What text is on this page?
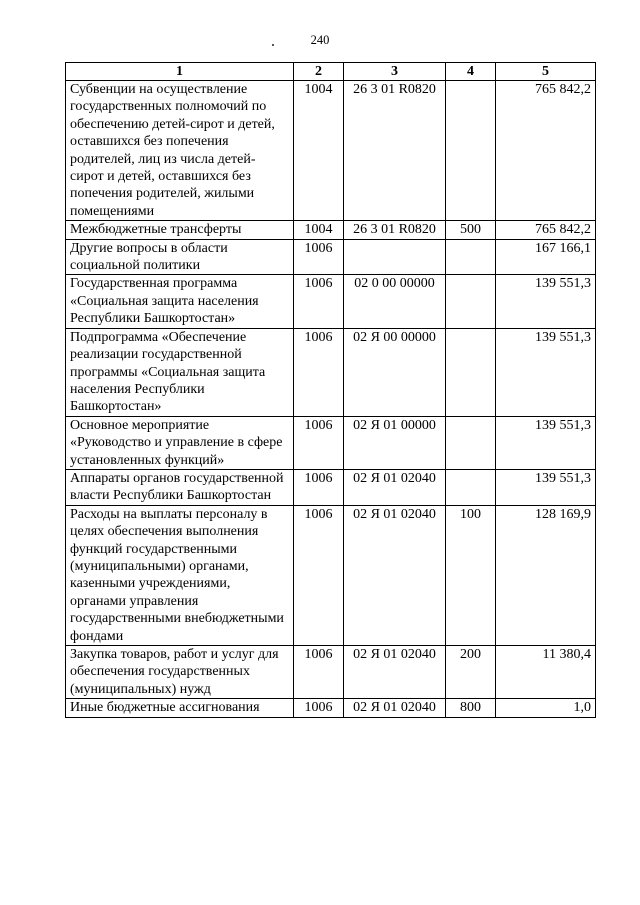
240
1	2	3	4	5
Субвенции на осуществление государственных полномочий по обеспечению детей-сирот и детей, оставшихся без попечения родителей, лиц из числа детей-сирот и детей, оставшихся без попечения родителей, жилыми помещениями	1004	26 3 01 R0820		765 842,2
Межбюджетные трансферты	1004	26 3 01 R0820	500	765 842,2
Другие вопросы в области социальной политики	1006			167 166,1
Государственная программа «Социальная защита населения Республики Башкортостан»	1006	02 0 00 00000		139 551,3
Подпрограмма «Обеспечение реализации государственной программы «Социальная защита населения Республики Башкортостан»	1006	02 Я 00 00000		139 551,3
Основное мероприятие «Руководство и управление в сфере установленных функций»	1006	02 Я 01 00000		139 551,3
Аппараты органов государственной власти Республики Башкортостан	1006	02 Я 01 02040		139 551,3
Расходы на выплаты персоналу в целях обеспечения выполнения функций государственными (муниципальными) органами, казенными учреждениями, органами управления государственными внебюджетными фондами	1006	02 Я 01 02040	100	128 169,9
Закупка товаров, работ и услуг для обеспечения государственных (муниципальных) нужд	1006	02 Я 01 02040	200	11 380,4
Иные бюджетные ассигнования	1006	02 Я 01 02040	800	1,0
